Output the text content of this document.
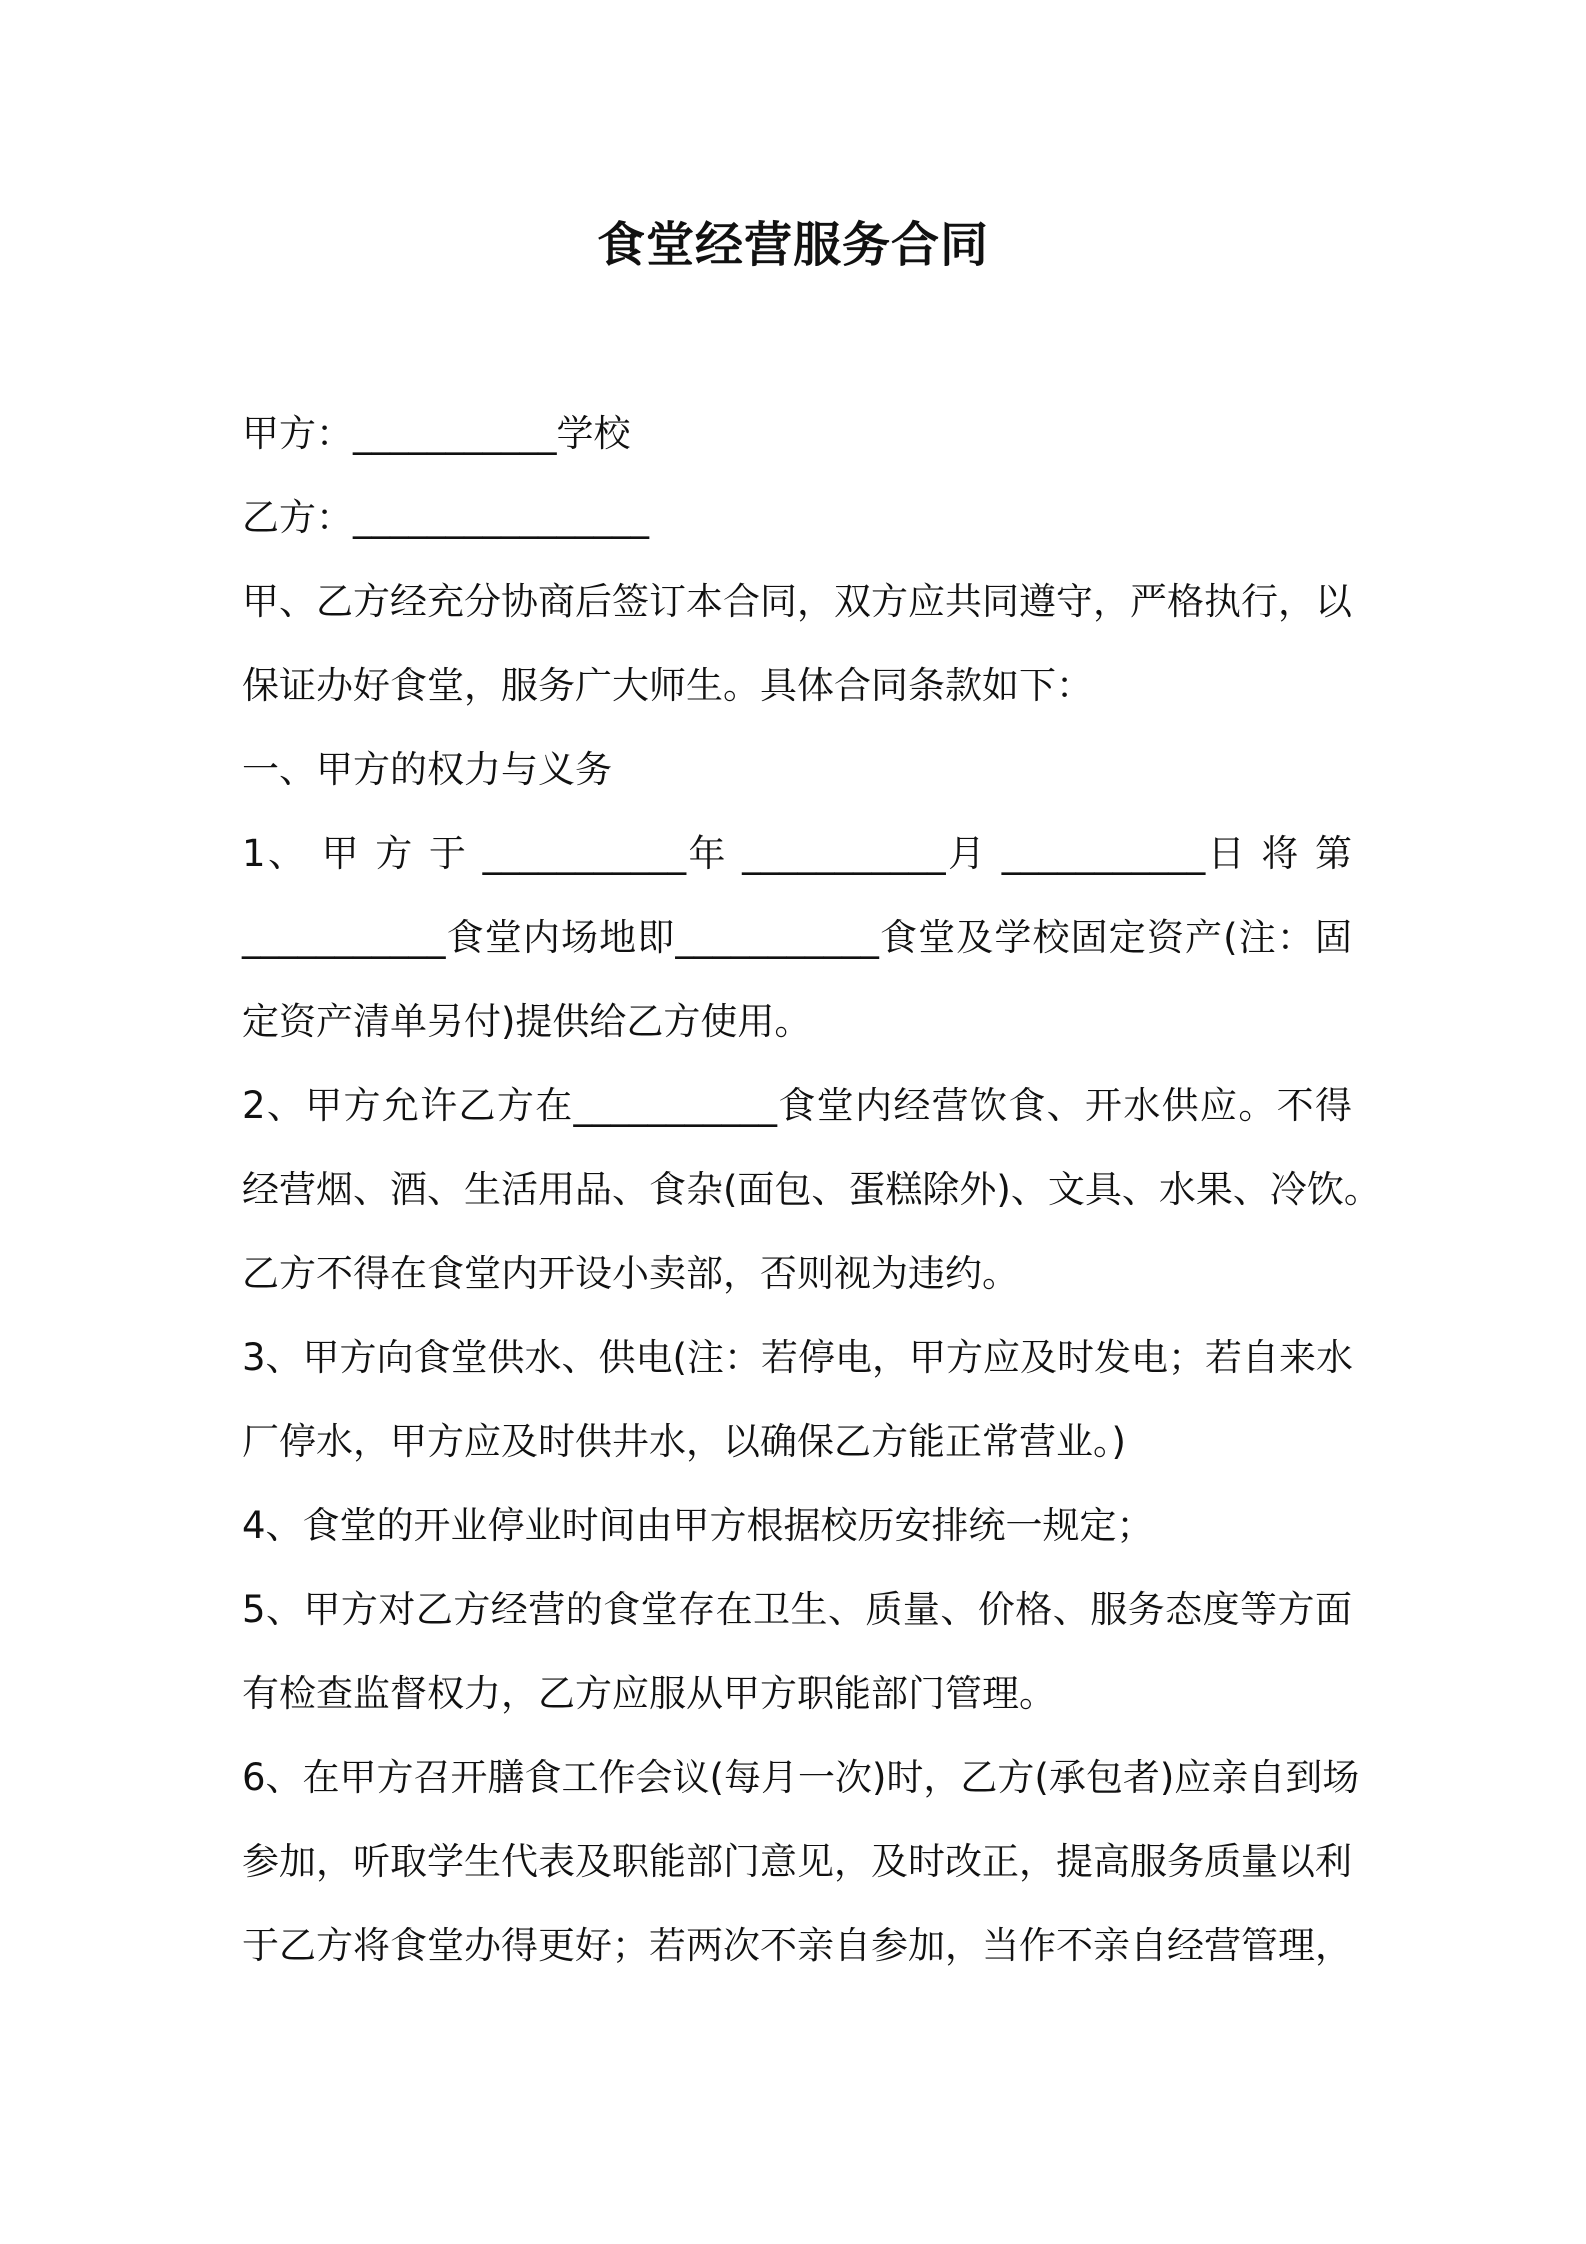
食堂经营服务合同
甲方：___________学校
乙方：________________
甲、乙方经充分协商后签订本合同，双方应共同遵守，严格执行，以
保证办好食堂，服务广大师生。具体合同条款如下：
一、甲方的权力与义务
1、 甲 方 于 ___________年 ___________月 ___________日 将 第
___________食堂内场地即___________食堂及学校固定资产(注：固
定资产清单另付)提供给乙方使用。
2、甲方允许乙方在___________食堂内经营饮食、开水供应。不得
经营烟、酒、生活用品、食杂(面包、蛋糕除外)、文具、水果、冷饮。
乙方不得在食堂内开设小卖部，否则视为违约。
3、甲方向食堂供水、供电(注：若停电，甲方应及时发电；若自来水
厂停水，甲方应及时供井水，以确保乙方能正常营业。)
4、食堂的开业停业时间由甲方根据校历安排统一规定；
5、甲方对乙方经营的食堂存在卫生、质量、价格、服务态度等方面
有检查监督权力，乙方应服从甲方职能部门管理。
6、在甲方召开膳食工作会议(每月一次)时，乙方(承包者)应亲自到场
参加，听取学生代表及职能部门意见，及时改正，提高服务质量以利
于乙方将食堂办得更好；若两次不亲自参加，当作不亲自经营管理，
